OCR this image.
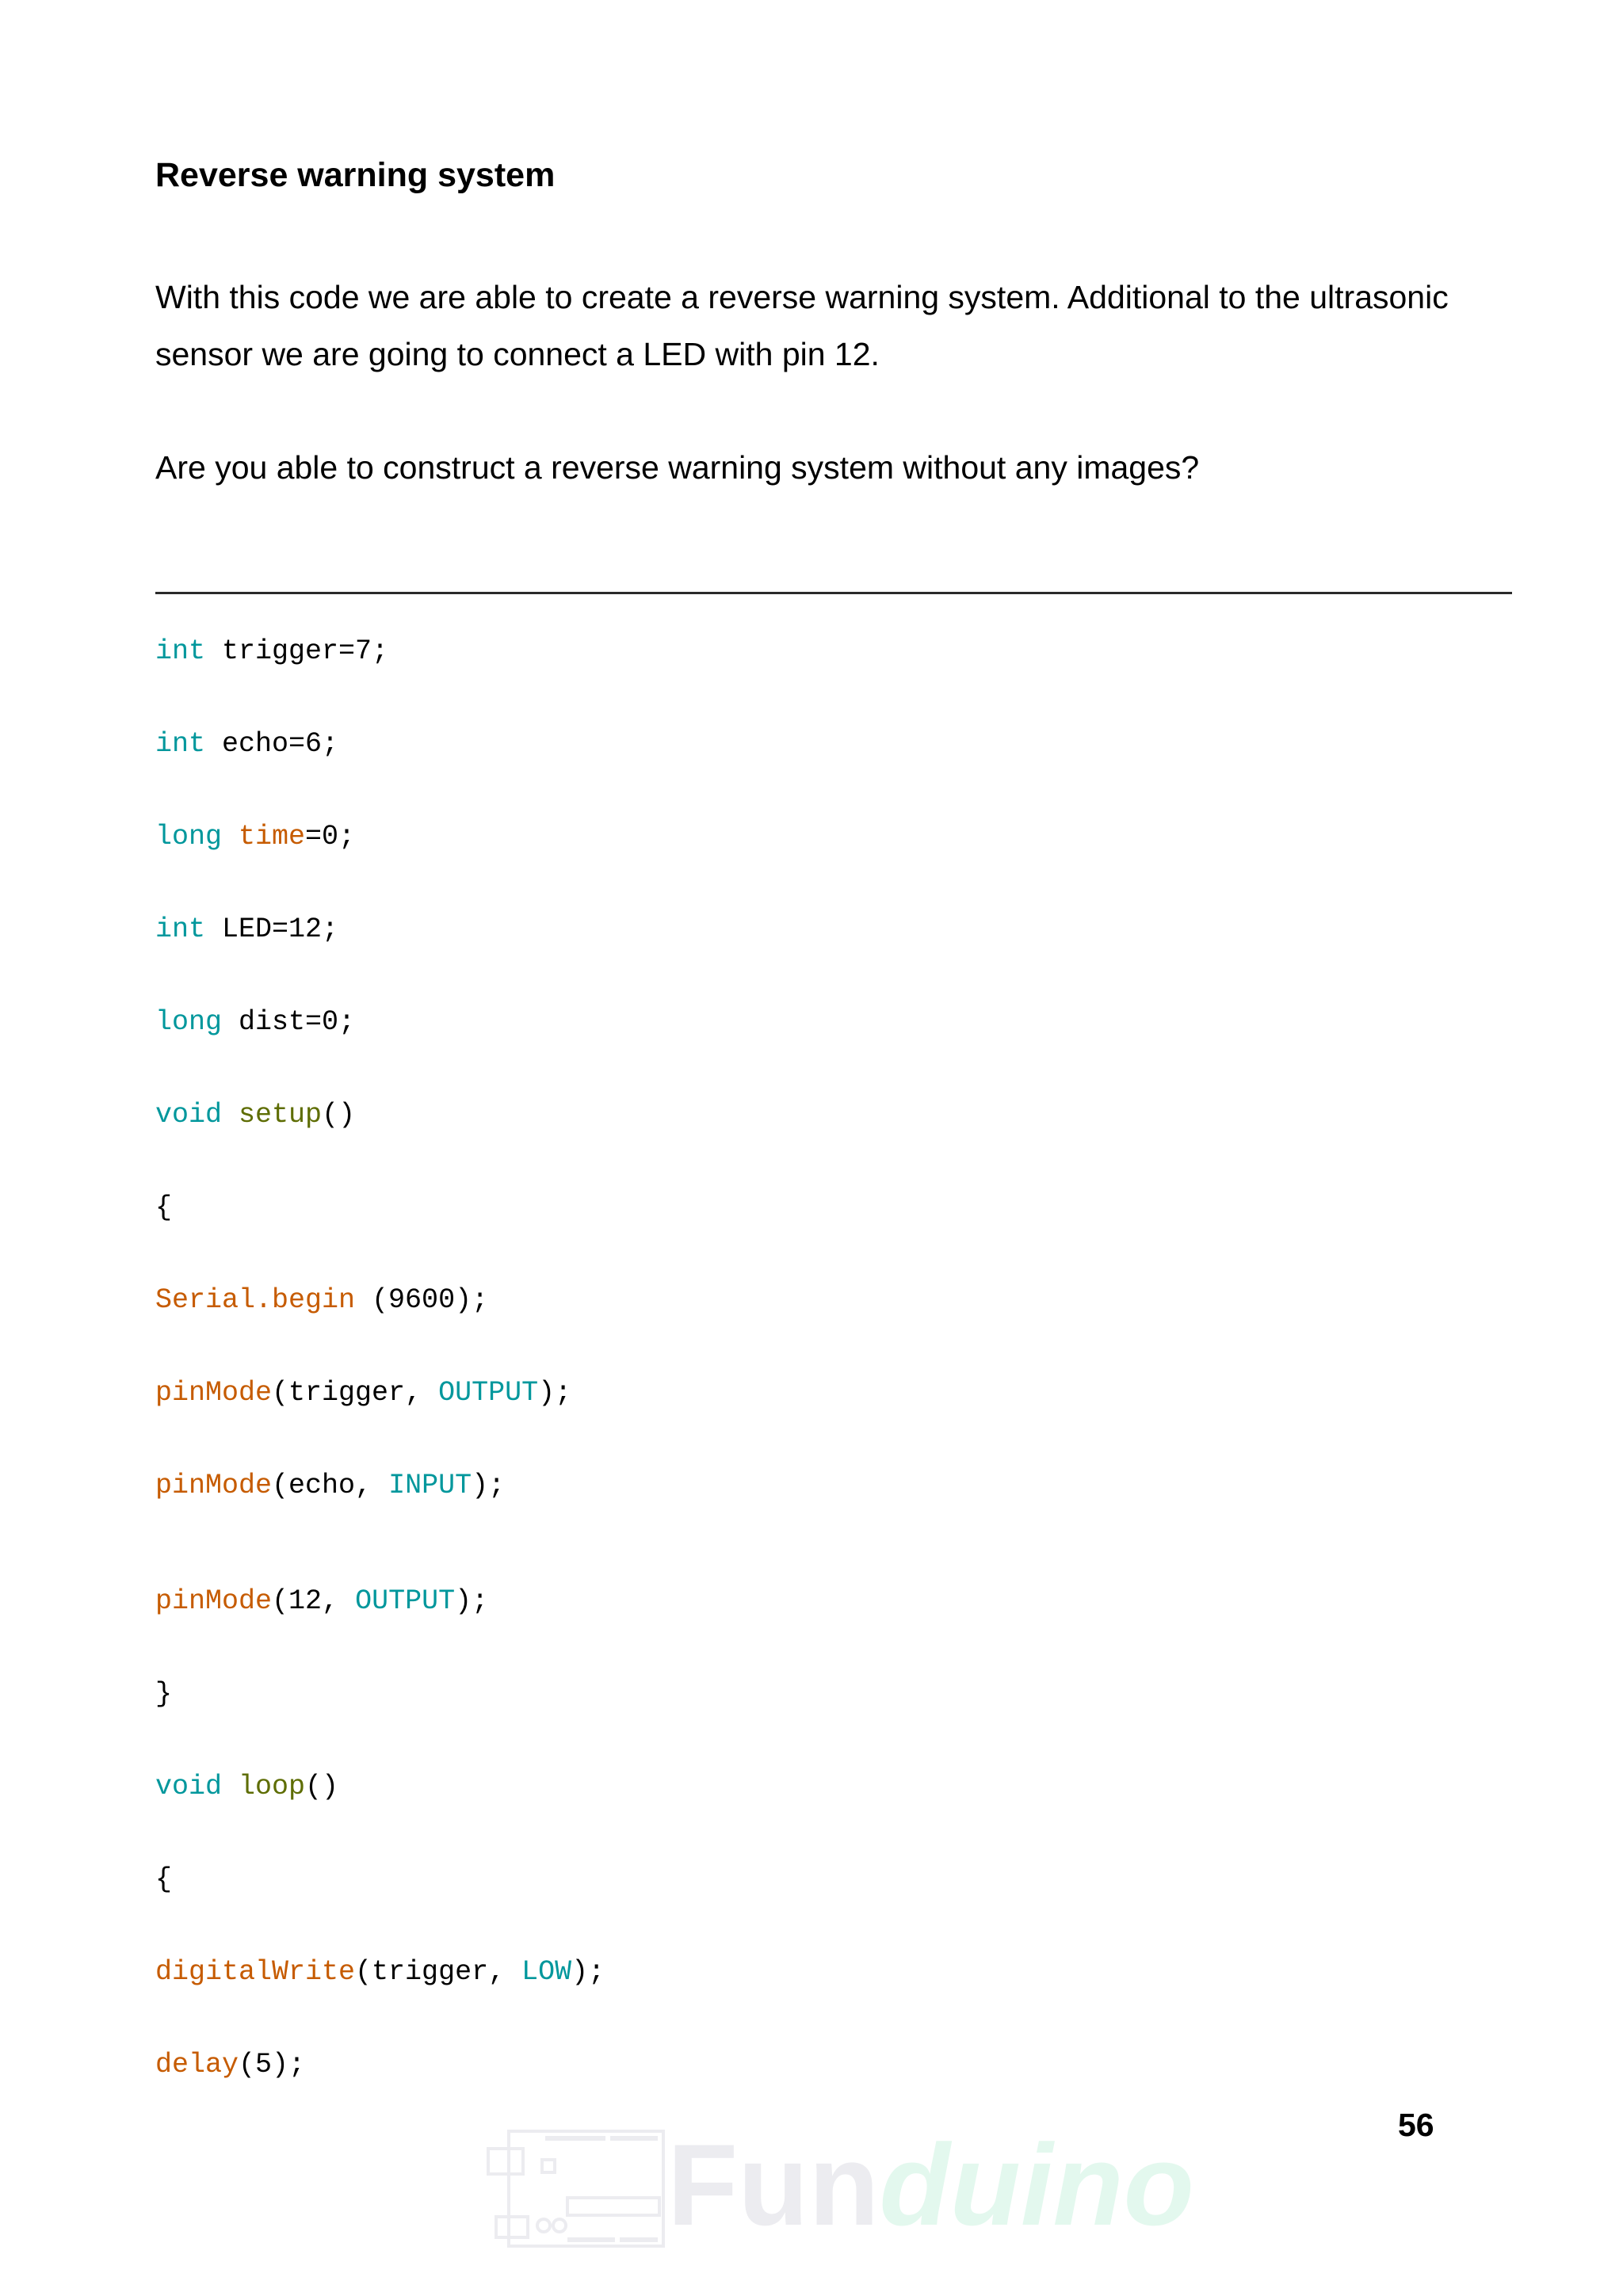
Reverse warning system
With this code we are able to create a reverse warning system. Additional to the ultrasonic sensor we are going to connect a LED with pin 12.
Are you able to construct a reverse warning system without any images?
int trigger=7;
int echo=6;
long time=0;
int LED=12;
long dist=0;
void setup()
{
Serial.begin (9600);
pinMode(trigger, OUTPUT);
pinMode(echo, INPUT);
pinMode(12, OUTPUT);
}
void loop()
{
digitalWrite(trigger, LOW);
delay(5);
56
Funduino
